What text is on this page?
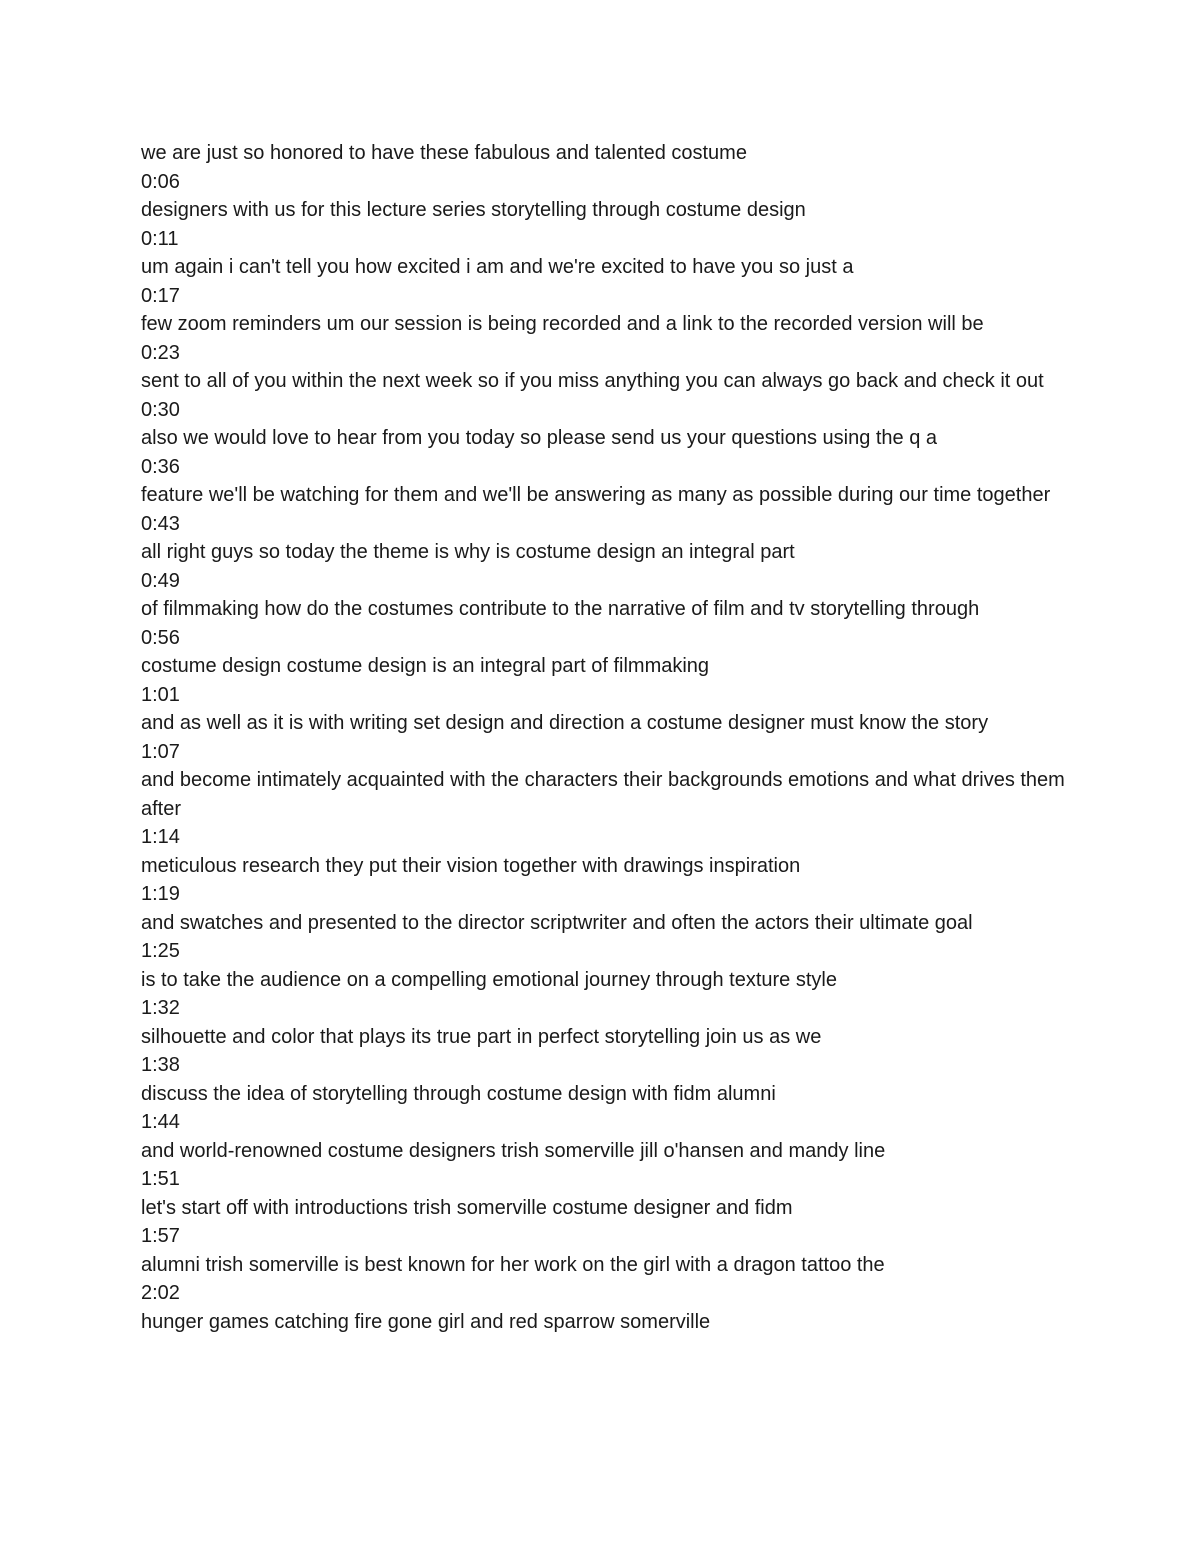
we are just so honored to have these fabulous and talented costume
0:06
designers with us for this lecture series storytelling through costume design
0:11
um again i can't tell you how excited i am and we're excited to have you so just a
0:17
few zoom reminders um our session is being recorded and a link to the recorded version will be
0:23
sent to all of you within the next week so if you miss anything you can always go back and check it out
0:30
also we would love to hear from you today so please send us your questions using the q a
0:36
feature we'll be watching for them and we'll be answering as many as possible during our time together
0:43
all right guys so today the theme is why is costume design an integral part
0:49
of filmmaking how do the costumes contribute to the narrative of film and tv storytelling through
0:56
costume design costume design is an integral part of filmmaking
1:01
and as well as it is with writing set design and direction a costume designer must know the story
1:07
and become intimately acquainted with the characters their backgrounds emotions and what drives them after
1:14
meticulous research they put their vision together with drawings inspiration
1:19
and swatches and presented to the director scriptwriter and often the actors their ultimate goal
1:25
is to take the audience on a compelling emotional journey through texture style
1:32
silhouette and color that plays its true part in perfect storytelling join us as we
1:38
discuss the idea of storytelling through costume design with fidm alumni
1:44
and world-renowned costume designers trish somerville jill o'hansen and mandy line
1:51
let's start off with introductions trish somerville costume designer and fidm
1:57
alumni trish somerville is best known for her work on the girl with a dragon tattoo the
2:02
hunger games catching fire gone girl and red sparrow somerville
